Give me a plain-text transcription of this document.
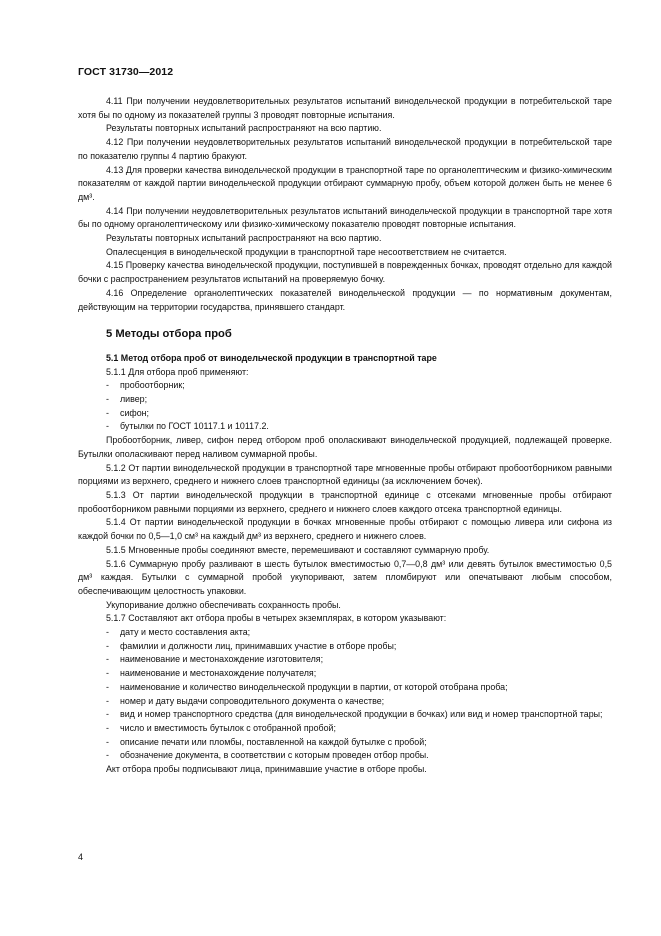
ГОСТ 31730—2012

4.11 При получении неудовлетворительных результатов испытаний винодельческой продукции в потребительской таре хотя бы по одному из показателей группы 3 проводят повторные испытания.

Результаты повторных испытаний распространяют на всю партию.

4.12 При получении неудовлетворительных результатов испытаний винодельческой продукции в потребительской таре по показателю группы 4 партию бракуют.

4.13 Для проверки качества винодельческой продукции в транспортной таре по органолептическим и физико-химическим показателям от каждой партии винодельческой продукции отбирают суммарную пробу, объем которой должен быть не менее 6 дм³.

4.14 При получении неудовлетворительных результатов испытаний винодельческой продукции в транспортной таре хотя бы по одному органолептическому или физико-химическому показателю проводят повторные испытания.

Результаты повторных испытаний распространяют на всю партию.

Опалесценция в винодельческой продукции в транспортной таре несоответствием не считается.

4.15 Проверку качества винодельческой продукции, поступившей в поврежденных бочках, проводят отдельно для каждой бочки с распространением результатов испытаний на проверяемую бочку.

4.16 Определение органолептических показателей винодельческой продукции — по нормативным документам, действующим на территории государства, принявшего стандарт.

5 Методы отбора проб
5.1 Метод отбора проб от винодельческой продукции в транспортной таре

5.1.1 Для отбора проб применяют:

- пробоотборник;
- ливер;
- сифон;
- бутылки по ГОСТ 10117.1 и 10117.2.

Пробоотборник, ливер, сифон перед отбором проб ополаскивают винодельческой продукцией, подлежащей проверке. Бутылки ополаскивают перед наливом суммарной пробы.

5.1.2 От партии винодельческой продукции в транспортной таре мгновенные пробы отбирают пробоотборником равными порциями из верхнего, среднего и нижнего слоев транспортной единицы (за исключением бочек).

5.1.3 От партии винодельческой продукции в транспортной единице с отсеками мгновенные пробы отбирают пробоотборником равными порциями из верхнего, среднего и нижнего слоев каждого отсека транспортной единицы.

5.1.4 От партии винодельческой продукции в бочках мгновенные пробы отбирают с помощью ливера или сифона из каждой бочки по 0,5—1,0 см³ на каждый дм³ из верхнего, среднего и нижнего слоев.

5.1.5 Мгновенные пробы соединяют вместе, перемешивают и составляют суммарную пробу.

5.1.6 Суммарную пробу разливают в шесть бутылок вместимостью 0,7—0,8 дм³ или девять бутылок вместимостью 0,5 дм³ каждая. Бутылки с суммарной пробой укупоривают, затем пломбируют или опечатывают любым способом, обеспечивающим целостность упаковки.

Укупоривание должно обеспечивать сохранность пробы.

5.1.7 Составляют акт отбора пробы в четырех экземплярах, в котором указывают:

- дату и место составления акта;
- фамилии и должности лиц, принимавших участие в отборе пробы;
- наименование и местонахождение изготовителя;
- наименование и местонахождение получателя;
- наименование и количество винодельческой продукции в партии, от которой отобрана проба;
- номер и дату выдачи сопроводительного документа о качестве;

- вид и номер транспортного средства (для винодельческой продукции в бочках) или вид и номер транспортной тары;

- число и вместимость бутылок с отобранной пробой;
- описание печати или пломбы, поставленной на каждой бутылке с пробой;
- обозначение документа, в соответствии с которым проведен отбор пробы.

Акт отбора пробы подписывают лица, принимавшие участие в отборе пробы.

4
